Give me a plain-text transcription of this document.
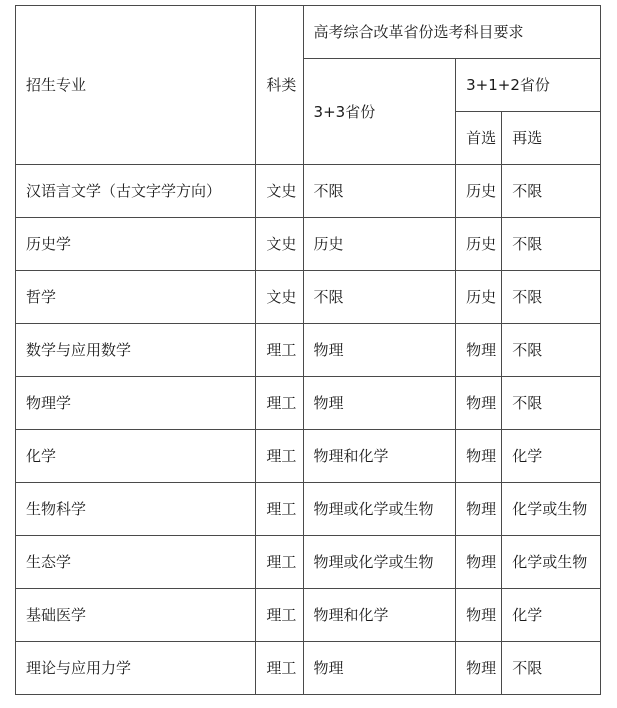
招生专业	科类	高考综合改革省份选考科目要求		
		3+3省份	3+1+2省份	
			首选	再选
汉语言文学（古文字学方向）	文史	不限	历史	不限
历史学	文史	历史	历史	不限
哲学	文史	不限	历史	不限
数学与应用数学	理工	物理	物理	不限
物理学	理工	物理	物理	不限
化学	理工	物理和化学	物理	化学
生物科学	理工	物理或化学或生物	物理	化学或生物
生态学	理工	物理或化学或生物	物理	化学或生物
基础医学	理工	物理和化学	物理	化学
理论与应用力学	理工	物理	物理	不限
